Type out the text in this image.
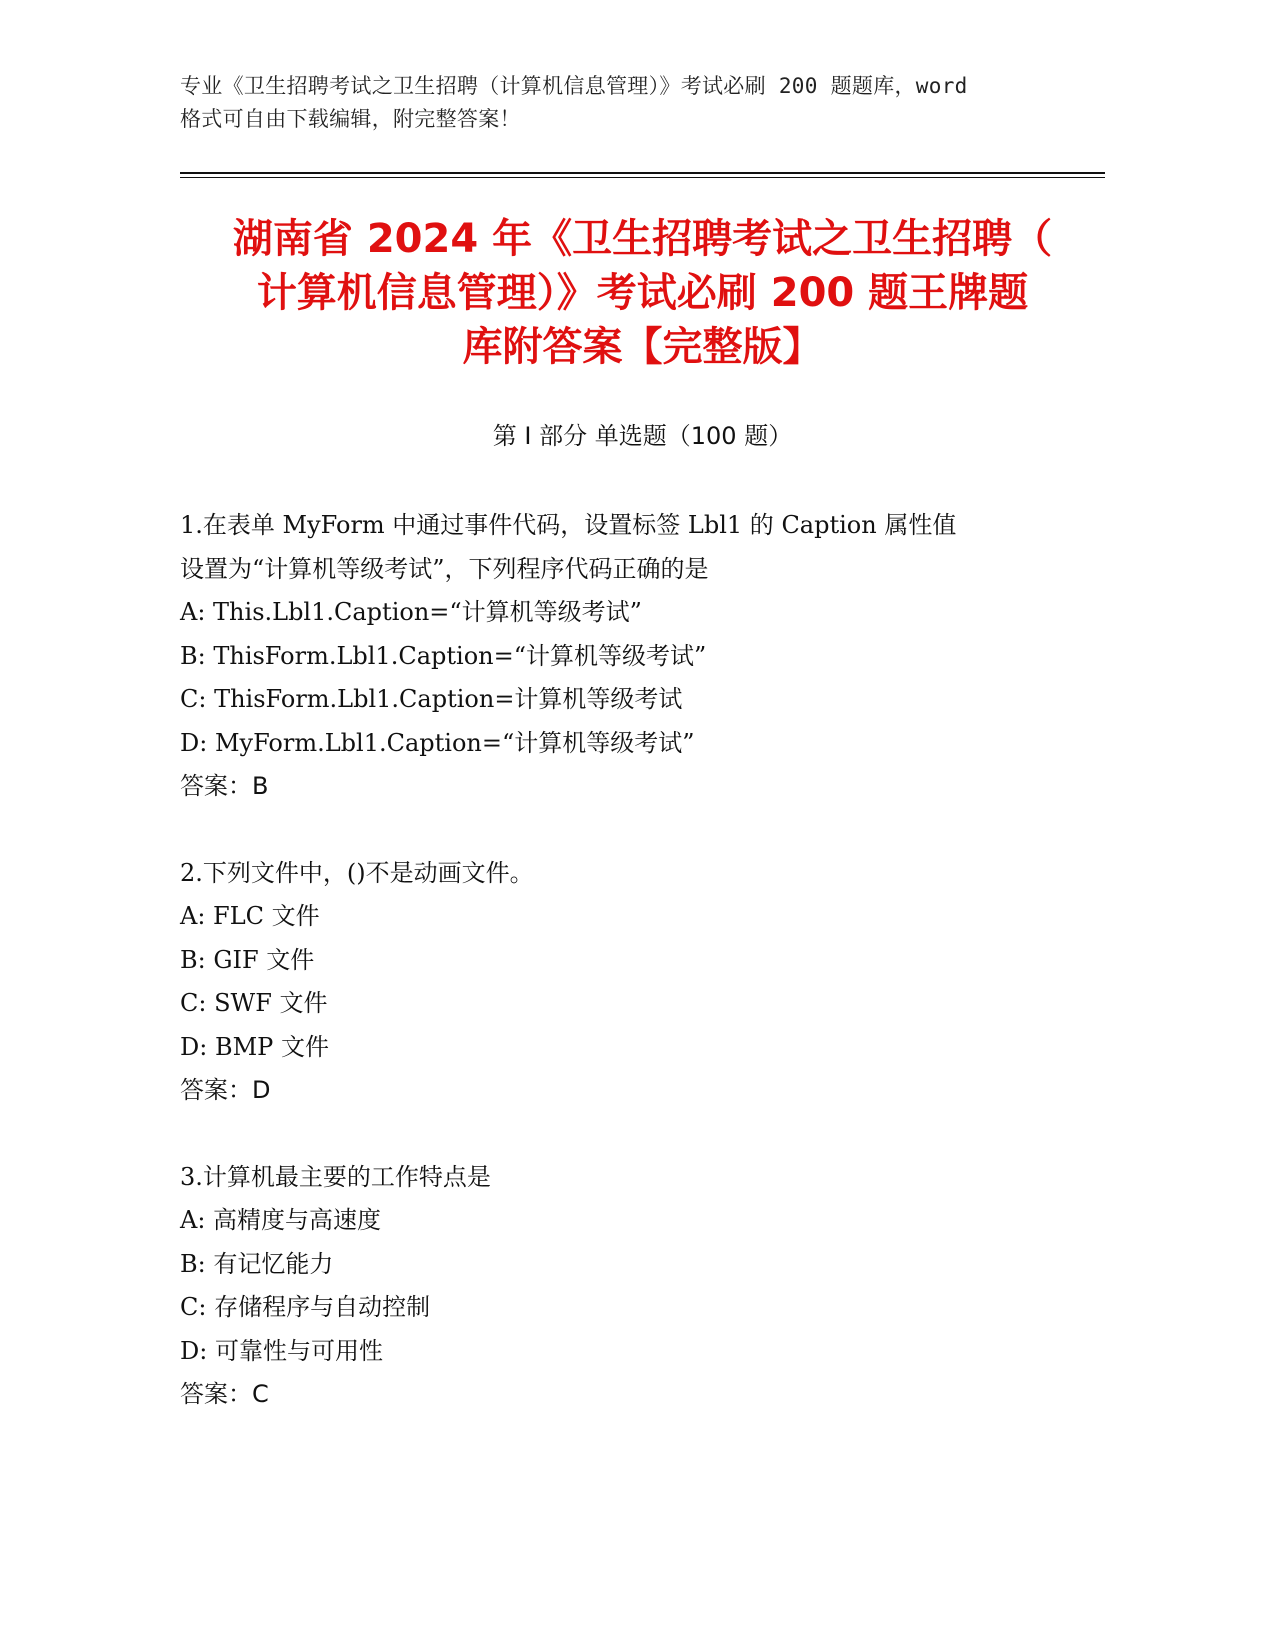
专业《卫生招聘考试之卫生招聘（计算机信息管理）》考试必刷 200 题题库，word
格式可自由下载编辑，附完整答案！
湖南省 2024 年《卫生招聘考试之卫生招聘（
计算机信息管理）》考试必刷 200 题王牌题
库附答案【完整版】
第 I 部分 单选题（100 题）
1.在表单 MyForm 中通过事件代码，设置标签 Lbl1 的 Caption 属性值
设置为“计算机等级考试”，下列程序代码正确的是
A: This.Lbl1.Caption=“计算机等级考试”
B: ThisForm.Lbl1.Caption=“计算机等级考试”
C: ThisForm.Lbl1.Caption=计算机等级考试
D: MyForm.Lbl1.Caption=“计算机等级考试”
答案：B
2.下列文件中，()不是动画文件。
A: FLC 文件
B: GIF 文件
C: SWF 文件
D: BMP 文件
答案：D
3.计算机最主要的工作特点是
A: 高精度与高速度
B: 有记忆能力
C: 存储程序与自动控制
D: 可靠性与可用性
答案：C
